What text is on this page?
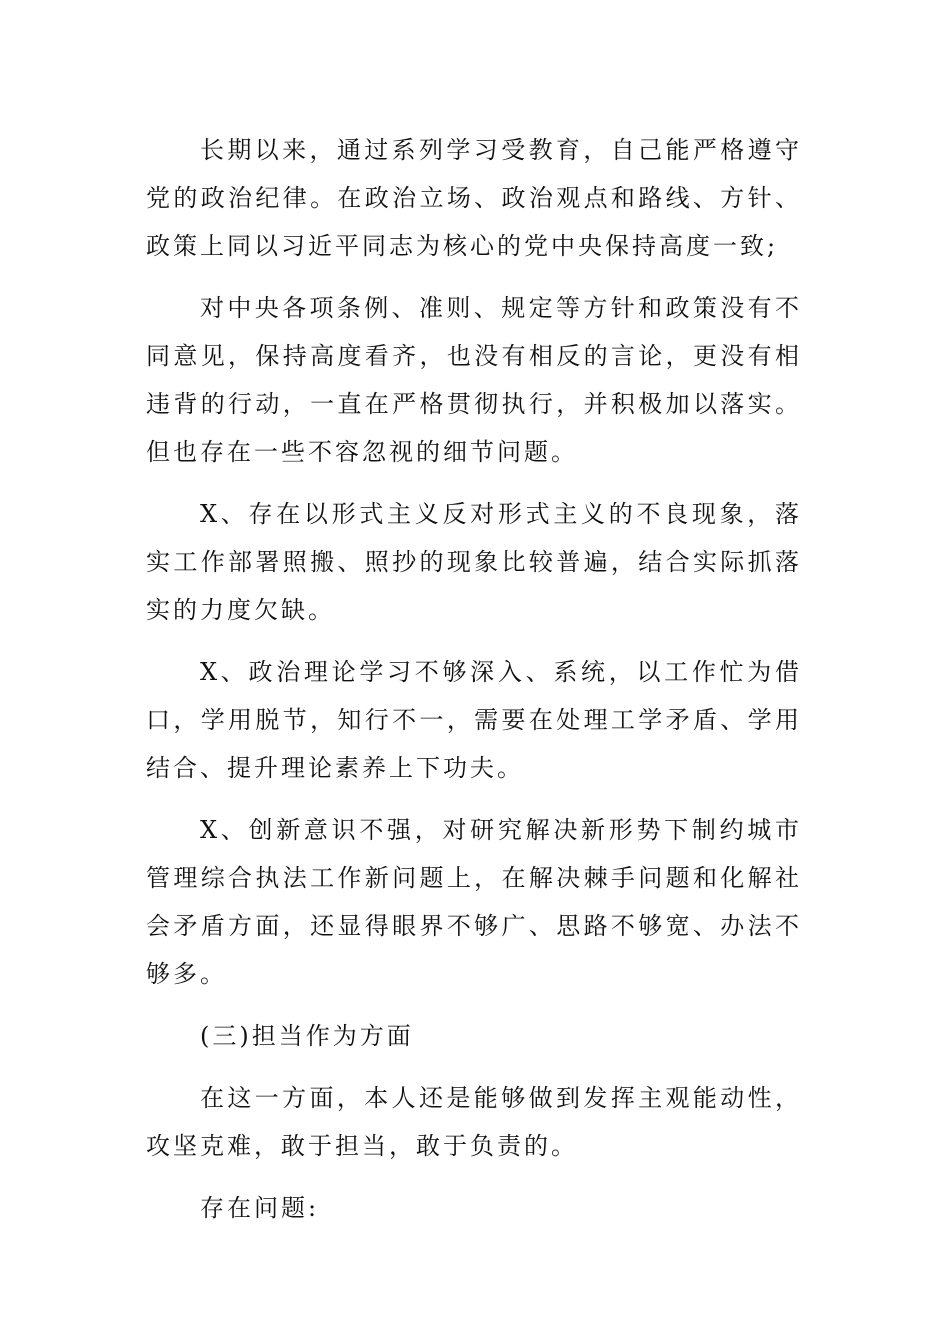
长期以来，通过系列学习受教育，自己能严格遵守党的政治纪律。在政治立场、政治观点和路线、方针、政策上同以习近平同志为核心的党中央保持高度一致;

对中央各项条例、准则、规定等方针和政策没有不同意见，保持高度看齐，也没有相反的言论，更没有相违背的行动，一直在严格贯彻执行，并积极加以落实。但也存在一些不容忽视的细节问题。

X、存在以形式主义反对形式主义的不良现象，落实工作部署照搬、照抄的现象比较普遍，结合实际抓落实的力度欠缺。

X、政治理论学习不够深入、系统，以工作忙为借口，学用脱节，知行不一，需要在处理工学矛盾、学用结合、提升理论素养上下功夫。

X、创新意识不强，对研究解决新形势下制约城市管理综合执法工作新问题上，在解决棘手问题和化解社会矛盾方面，还显得眼界不够广、思路不够宽、办法不够多。

(三)担当作为方面

在这一方面，本人还是能够做到发挥主观能动性，攻坚克难，敢于担当，敢于负责的。

存在问题:
